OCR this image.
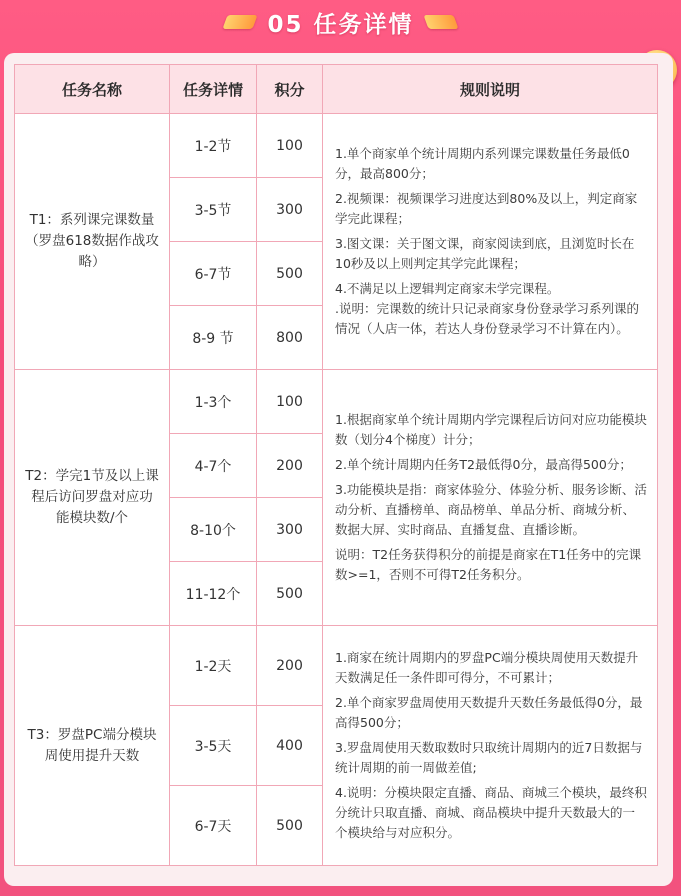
05 任务详情
任务名称	任务详情	积分	规则说明
T1：系列课完课数量（罗盘618数据作战攻略）	1-2节	100	1.单个商家单个统计周期内系列课完课数量任务最低0分，最高800分；
2.视频课：视频课学习进度达到80%及以上，判定商家学完此课程；
3.图文课：关于图文课，商家阅读到底，且浏览时长在10秒及以上则判定其学完此课程；
4.不满足以上逻辑判定商家未学完课程。
.说明：完课数的统计只记录商家身份登录学习系列课的情况（人店一体，若达人身份登录学习不计算在内）。

	3-5节	300	
	6-7节	500	
	8-9 节	800	
T2：学完1节及以上课程后访问罗盘对应功能模块数/个	1-3个	100	1.根据商家单个统计周期内学完课程后访问对应功能模块数（划分4个梯度）计分；
2.单个统计周期内任务T2最低得0分，最高得500分；
3.功能模块是指：商家体验分、体验分析、服务诊断、活动分析、直播榜单、商品榜单、单品分析、商城分析、数据大屏、实时商品、直播复盘、直播诊断。
说明：T2任务获得积分的前提是商家在T1任务中的完课数>=1，否则不可得T2任务积分。

	4-7个	200	
	8-10个	300	
	11-12个	500	
T3：罗盘PC端分模块周使用提升天数	1-2天	200	1.商家在统计周期内的罗盘PC端分模块周使用天数提升天数满足任一条件即可得分，不可累计；
2.单个商家罗盘周使用天数提升天数任务最低得0分，最高得500分；
3.罗盘周使用天数取数时只取统计周期内的近7日数据与统计周期的前一周做差值;
4.说明：分模块限定直播、商品、商城三个模块，最终积分统计只取直播、商城、商品模块中提升天数最大的一个模块给与对应积分。

	3-5天	400	
	6-7天	500	
